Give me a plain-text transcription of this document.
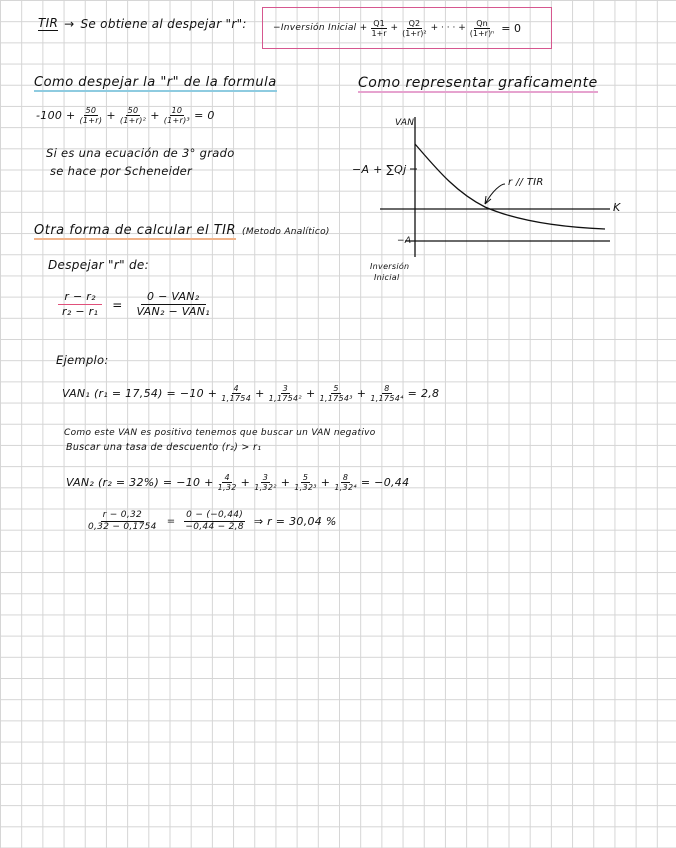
TIR → Se obtiene al despejar "r":	−Inversión Inicial + $\frac{Q1}{1+r} + \frac{Q2}{\text{(1+r)²}}$ + · · · + $\frac{Qn}{\text{(1+r)ⁿ}} = 0$
Como despejar la "r" de la formula
$-100 + \frac{50}{(1+r)} + \frac{50}{\text{(1+r)²}} + \frac{10}{\text{(1+r)³}} = 0$
Si es una ecuación de 3° grado
se hace por Scheneider
Como representar graficamente
VAN
K
−A + ∑Qj
r // TIR
−A
Inversión
Inicial
Otra forma de calcular el TIR (Metodo Analítico)
Despejar "r" de:
$\frac{\text{r − r₂}}{\text{r₂ − r₁}} = \frac{\text{0 − VAN₂}}{\text{VAN₂ − VAN₁}}$
Ejemplo:
VAN₁ $(r_1 = 17,54) = -10 + \frac{4}{1,1754} + \frac{3}{\text{1,1754²}} + \frac{5}{\text{1,1754³}} + \frac{8}{\text{1,1754⁴}} = 2,8$
Como este VAN es positivo tenemos que buscar un VAN negativo
Buscar una tasa de descuento (r₂) > r₁
VAN₂ $(r_2 = 32\%) = -10 + \frac{4}{1,32} + \frac{3}{\text{1,32²}} + \frac{5}{\text{1,32³}} + \frac{8}{\text{1,32⁴}} = -0,44$
$\frac{r - 0,32}{0,32 - 0,1754} = \frac{0 - (-0,44)}{-0,44 - 2,8}$ ⇒ r = 30,04 %
